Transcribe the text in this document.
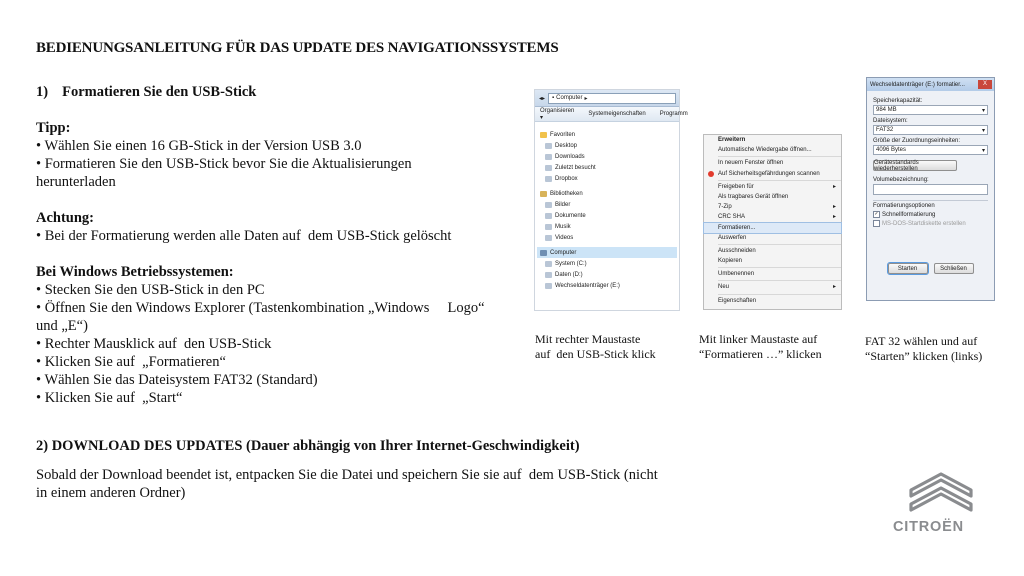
BEDIENUNGSANLEITUNG FÜR DAS UPDATE DES NAVIGATIONSSYSTEMS
1) Formatieren Sie den USB-Stick
Tipp:
• Wählen Sie einen 16 GB-Stick in der Version USB 3.0
• Formatieren Sie den USB-Stick bevor Sie die Aktualisierungen
herunterladen
Achtung:
• Bei der Formatierung werden alle Daten auf  dem USB-Stick gelöscht
Bei Windows Betriebssystemen:
• Stecken Sie den USB-Stick in den PC
• Öffnen Sie den Windows Explorer (Tastenkombination „Windows     Logo“
und „E“)
• Rechter Mausklick auf  den USB-Stick
• Klicken Sie auf  „Formatieren“
• Wählen Sie das Dateisystem FAT32 (Standard)
• Klicken Sie auf  „Start“
2) DOWNLOAD DES UPDATES (Dauer abhängig von Ihrer Internet-Geschwindigkeit)
Sobald der Download beendet ist, entpacken Sie die Datei und speichern Sie sie auf  dem USB-Stick (nicht
in einem anderen Ordner)
◂▸ ▪ Computer ▸
Organisieren ▾
Systemeigenschaften Programm
Favoriten
Desktop
Downloads
Zuletzt besucht
Dropbox
Bibliotheken
Bilder
Dokumente
Musik
Videos
Computer
System (C:)
Daten (D:)
Wechseldatenträger (E:)
Mit rechter Maustaste
auf  den USB-Stick klick
Erweitern
Automatische Wiedergabe öffnen...
In neuem Fenster öffnen
Auf Sicherheitsgefährdungen scannen
Freigeben für	▸
Als tragbares Gerät öffnen
7-Zip	▸
CRC SHA	▸
Formatieren...
Auswerfen
Ausschneiden
Kopieren
Umbenennen
Neu	▸
Eigenschaften
Mit linker Maustaste auf
“Formatieren …” klicken
Wechseldatenträger (E:) formatier...	X
Speicherkapazität:
984 MB	▾
Dateisystem:
FAT32	▾
Größe der Zuordnungseinheiten:
4096 Bytes	▾
Gerätestandards wiederherstellen
Volumebezeichnung:
Formatierungsoptionen
✓ Schnellformatierung
MS-DOS-Startdiskette erstellen
Starten	Schließen
FAT 32 wählen und auf
“Starten” klicken (links)
CITROËN
